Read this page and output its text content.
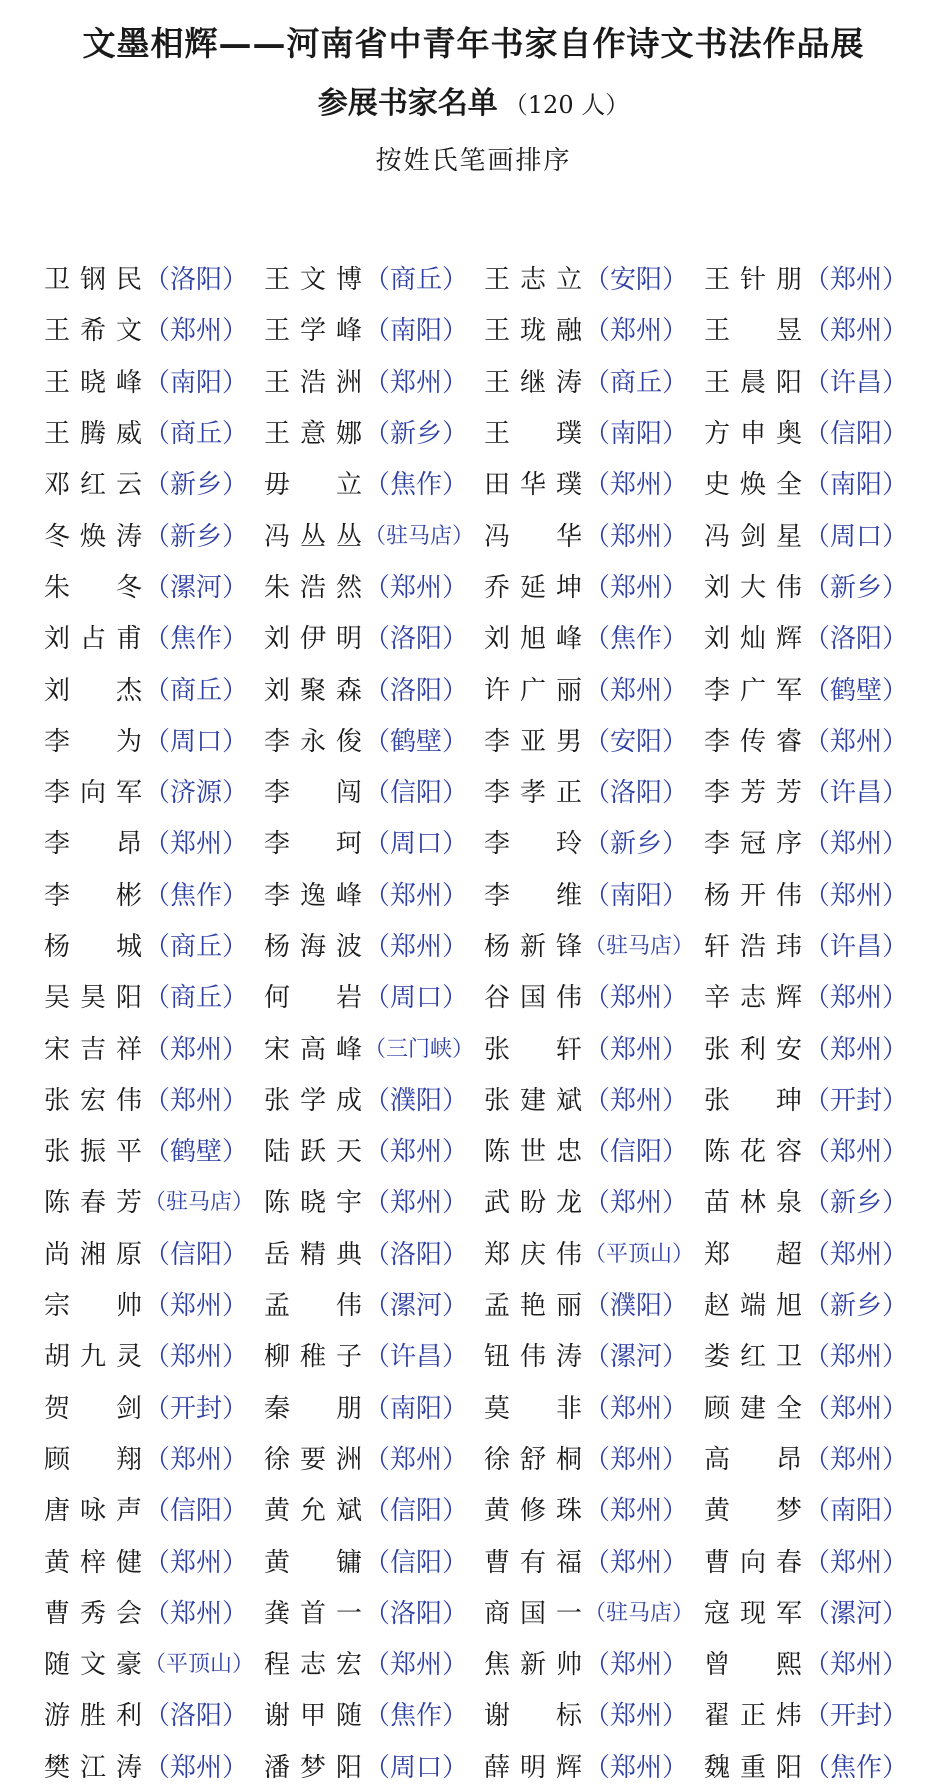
文墨相辉——河南省中青年书家自作诗文书法作品展
参展书家名单 （120 人）
按姓氏笔画排序
卫钢民 （洛阳） 王文博 （商丘） 王志立 （安阳） 王针朋 （郑州）
王希文 （郑州） 王学峰 （南阳） 王珑融 （郑州） 王 昱 （郑州）
王晓峰 （南阳） 王浩洲 （郑州） 王继涛 （商丘） 王晨阳 （许昌）
王腾威 （商丘） 王意娜 （新乡） 王 璞 （南阳） 方申奥 （信阳）
邓红云 （新乡） 毋 立 （焦作） 田华璞 （郑州） 史焕全 （南阳）
冬焕涛 （新乡） 冯丛丛 （驻马店） 冯 华 （郑州） 冯剑星 （周口）
朱 冬 （漯河） 朱浩然 （郑州） 乔延坤 （郑州） 刘大伟 （新乡）
刘占甫 （焦作） 刘伊明 （洛阳） 刘旭峰 （焦作） 刘灿辉 （洛阳）
刘 杰 （商丘） 刘聚森 （洛阳） 许广丽 （郑州） 李广军 （鹤壁）
李 为 （周口） 李永俊 （鹤壁） 李亚男 （安阳） 李传睿 （郑州）
李向军 （济源） 李 闯 （信阳） 李孝正 （洛阳） 李芳芳 （许昌）
李 昂 （郑州） 李 珂 （周口） 李 玲 （新乡） 李冠序 （郑州）
李 彬 （焦作） 李逸峰 （郑州） 李 维 （南阳） 杨开伟 （郑州）
杨 城 （商丘） 杨海波 （郑州） 杨新锋 （驻马店） 轩浩玮 （许昌）
吴昊阳 （商丘） 何 岩 （周口） 谷国伟 （郑州） 辛志辉 （郑州）
宋吉祥 （郑州） 宋高峰 （三门峡） 张 轩 （郑州） 张利安 （郑州）
张宏伟 （郑州） 张学成 （濮阳） 张建斌 （郑州） 张 珅 （开封）
张振平 （鹤壁） 陆跃天 （郑州） 陈世忠 （信阳） 陈花容 （郑州）
陈春芳 （驻马店） 陈晓宇 （郑州） 武盼龙 （郑州） 苗林泉 （新乡）
尚湘原 （信阳） 岳精典 （洛阳） 郑庆伟 （平顶山） 郑 超 （郑州）
宗 帅 （郑州） 孟 伟 （漯河） 孟艳丽 （濮阳） 赵端旭 （新乡）
胡九灵 （郑州） 柳稚子 （许昌） 钮伟涛 （漯河） 娄红卫 （郑州）
贺 剑 （开封） 秦 朋 （南阳） 莫 非 （郑州） 顾建全 （郑州）
顾 翔 （郑州） 徐要洲 （郑州） 徐舒桐 （郑州） 高 昂 （郑州）
唐咏声 （信阳） 黄允斌 （信阳） 黄修珠 （郑州） 黄 梦 （南阳）
黄梓健 （郑州） 黄 镛 （信阳） 曹有福 （郑州） 曹向春 （郑州）
曹秀会 （郑州） 龚首一 （洛阳） 商国一 （驻马店） 寇现军 （漯河）
随文豪 （平顶山） 程志宏 （郑州） 焦新帅 （郑州） 曾 熙 （郑州）
游胜利 （洛阳） 谢甲随 （焦作） 谢 标 （郑州） 翟正炜 （开封）
樊江涛 （郑州） 潘梦阳 （周口） 薛明辉 （郑州） 魏重阳 （焦作）
